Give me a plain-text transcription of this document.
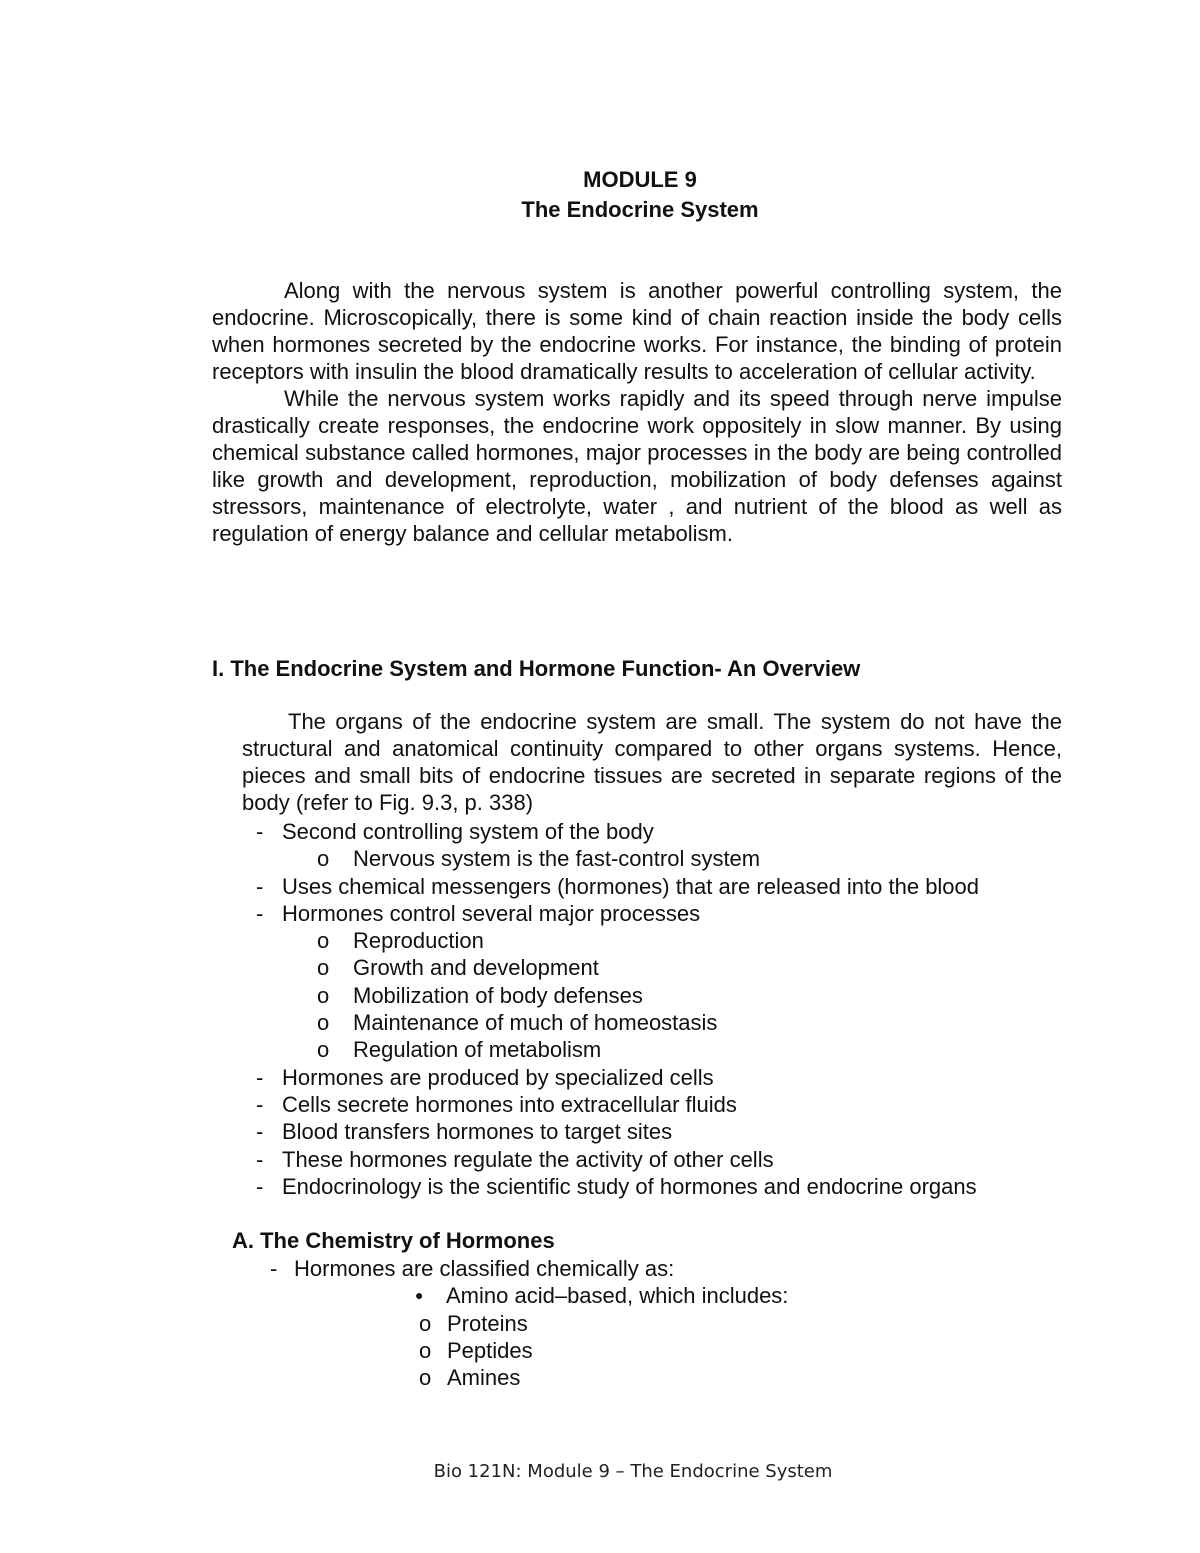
MODULE 9
The Endocrine System

Along with the nervous system is another powerful controlling system, the endocrine. Microscopically, there is some kind of chain reaction inside the body cells when hormones secreted by the endocrine works. For instance, the binding of protein receptors with insulin the blood dramatically results to acceleration of cellular activity.

While the nervous system works rapidly and its speed through nerve impulse drastically create responses, the endocrine work oppositely in slow manner. By using chemical substance called hormones, major processes in the body are being controlled like growth and development, reproduction, mobilization of body defenses against stressors, maintenance of electrolyte, water , and nutrient of the blood as well as regulation of energy balance and cellular metabolism.

I. The Endocrine System and Hormone Function- An Overview

The organs of the endocrine system are small. The system do not have the structural and anatomical continuity compared to other organs systems. Hence, pieces and small bits of endocrine tissues are secreted in separate regions of the body (refer to Fig. 9.3, p. 338)

- Second controlling system of the body
o Nervous system is the fast-control system
- Uses chemical messengers (hormones) that are released into the blood
- Hormones control several major processes
o Reproduction
o Growth and development
o Mobilization of body defenses
o Maintenance of much of homeostasis
o Regulation of metabolism
- Hormones are produced by specialized cells
- Cells secrete hormones into extracellular fluids
- Blood transfers hormones to target sites
- These hormones regulate the activity of other cells
- Endocrinology is the scientific study of hormones and endocrine organs
A. The Chemistry of Hormones
- Hormones are classified chemically as:
● Amino acid–based, which includes:
o Proteins
o Peptides
o Amines
Bio 121N: Module 9 – The Endocrine System
